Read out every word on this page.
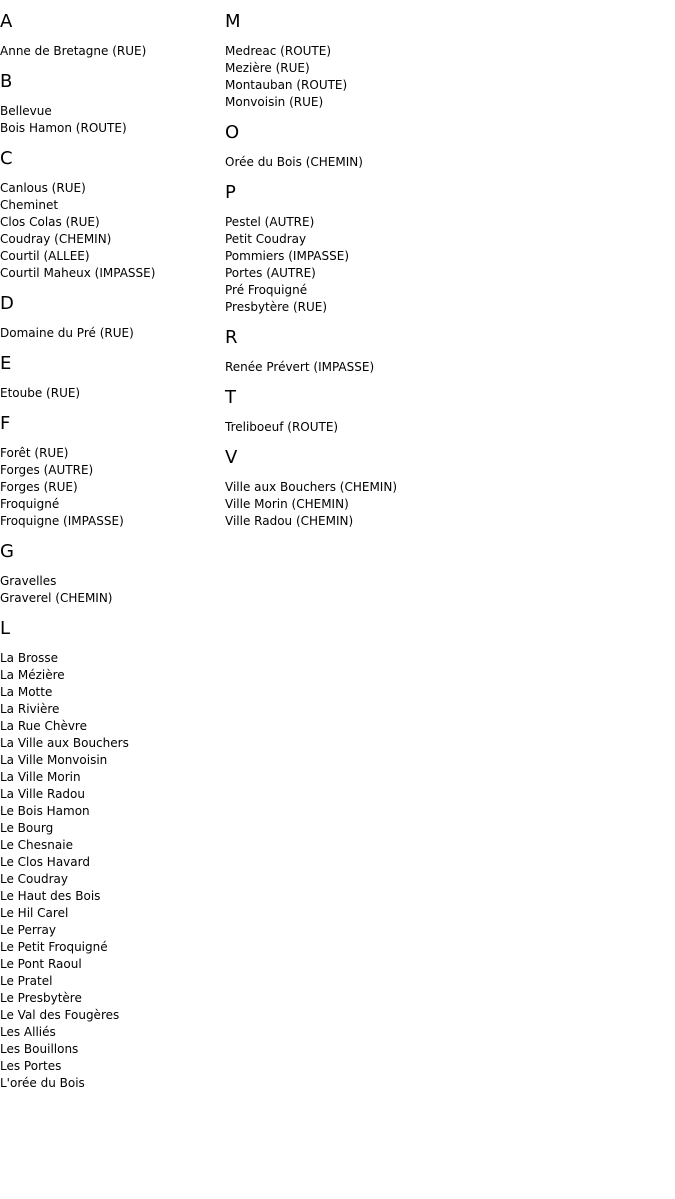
A
Anne de Bretagne (RUE)
B
Bellevue
Bois Hamon (ROUTE)
C
Canlous (RUE)
Cheminet
Clos Colas (RUE)
Coudray (CHEMIN)
Courtil (ALLEE)
Courtil Maheux (IMPASSE)
D
Domaine du Pré (RUE)
E
Etoube (RUE)
F
Forêt (RUE)
Forges (AUTRE)
Forges (RUE)
Froquigné
Froquigne (IMPASSE)
G
Gravelles
Graverel (CHEMIN)
L
La Brosse
La Mézière
La Motte
La Rivière
La Rue Chèvre
La Ville aux Bouchers
La Ville Monvoisin
La Ville Morin
La Ville Radou
Le Bois Hamon
Le Bourg
Le Chesnaie
Le Clos Havard
Le Coudray
Le Haut des Bois
Le Hil Carel
Le Perray
Le Petit Froquigné
Le Pont Raoul
Le Pratel
Le Presbytère
Le Val des Fougères
Les Alliés
Les Bouillons
Les Portes
L'orée du Bois
M
Medreac (ROUTE)
Mezière (RUE)
Montauban (ROUTE)
Monvoisin (RUE)
O
Orée du Bois (CHEMIN)
P
Pestel (AUTRE)
Petit Coudray
Pommiers (IMPASSE)
Portes (AUTRE)
Pré Froquigné
Presbytère (RUE)
R
Renée Prévert (IMPASSE)
T
Treliboeuf (ROUTE)
V
Ville aux Bouchers (CHEMIN)
Ville Morin (CHEMIN)
Ville Radou (CHEMIN)
